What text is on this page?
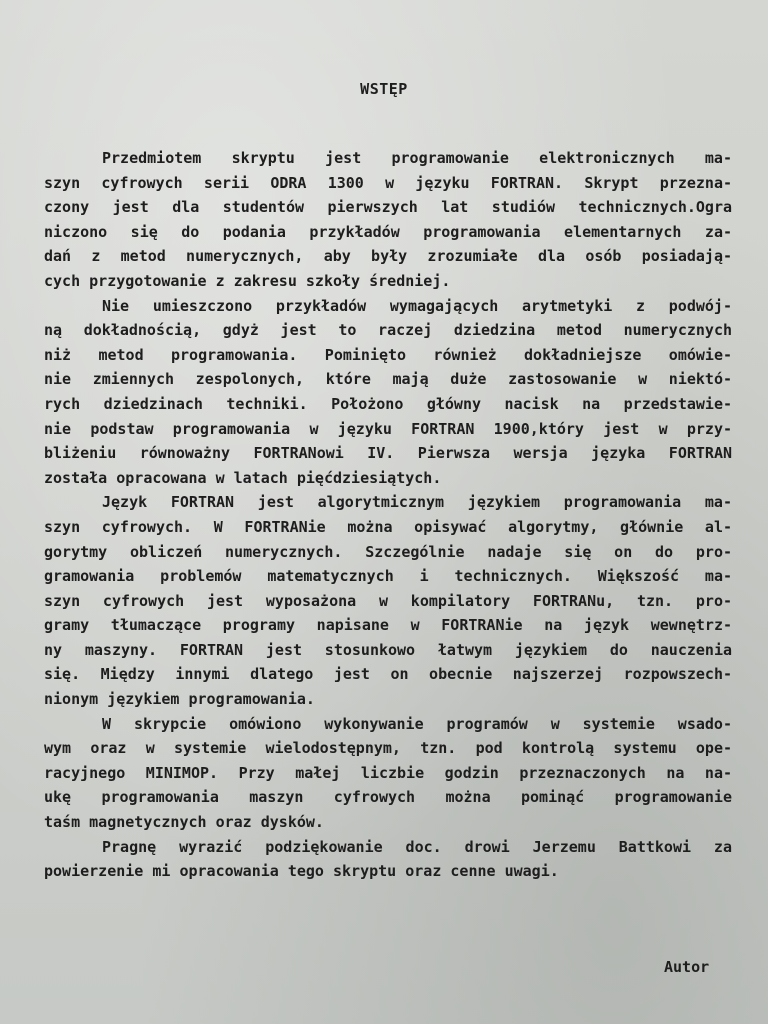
WSTĘP
Przedmiotem skryptu jest programowanie elektronicznych ma-
szyn cyfrowych serii ODRA 1300 w języku FORTRAN. Skrypt przezna-
czony jest dla studentów pierwszych lat studiów technicznych.Ogra
niczono się do podania przykładów programowania elementarnych za-
dań z metod numerycznych, aby były zrozumiałe dla osób posiadają-
cych przygotowanie z zakresu szkoły średniej.
Nie umieszczono przykładów wymagających arytmetyki z podwój-
ną dokładnością, gdyż jest to raczej dziedzina metod numerycznych
niż metod programowania. Pominięto również dokładniejsze omówie-
nie zmiennych zespolonych, które mają duże zastosowanie w niektó-
rych dziedzinach techniki. Położono główny nacisk na przedstawie-
nie podstaw programowania w języku FORTRAN 1900,który jest w przy-
bliżeniu równoważny FORTRANowi IV. Pierwsza wersja języka FORTRAN
została opracowana w latach pięćdziesiątych.
Język FORTRAN jest algorytmicznym językiem programowania ma-
szyn cyfrowych. W FORTRANie można opisywać algorytmy, głównie al-
gorytmy obliczeń numerycznych. Szczególnie nadaje się on do pro-
gramowania problemów matematycznych i technicznych. Większość ma-
szyn cyfrowych jest wyposażona w kompilatory FORTRANu, tzn. pro-
gramy tłumaczące programy napisane w FORTRANie na język wewnętrz-
ny maszyny. FORTRAN jest stosunkowo łatwym językiem do nauczenia
się. Między innymi dlatego jest on obecnie najszerzej rozpowszech-
nionym językiem programowania.
W skrypcie omówiono wykonywanie programów w systemie wsado-
wym oraz w systemie wielodostępnym, tzn. pod kontrolą systemu ope-
racyjnego MINIMOP. Przy małej liczbie godzin przeznaczonych na na-
ukę programowania maszyn cyfrowych można pominąć programowanie
taśm magnetycznych oraz dysków.
Pragnę wyrazić podziękowanie doc. drowi Jerzemu Battkowi za
powierzenie mi opracowania tego skryptu oraz cenne uwagi.
Autor
